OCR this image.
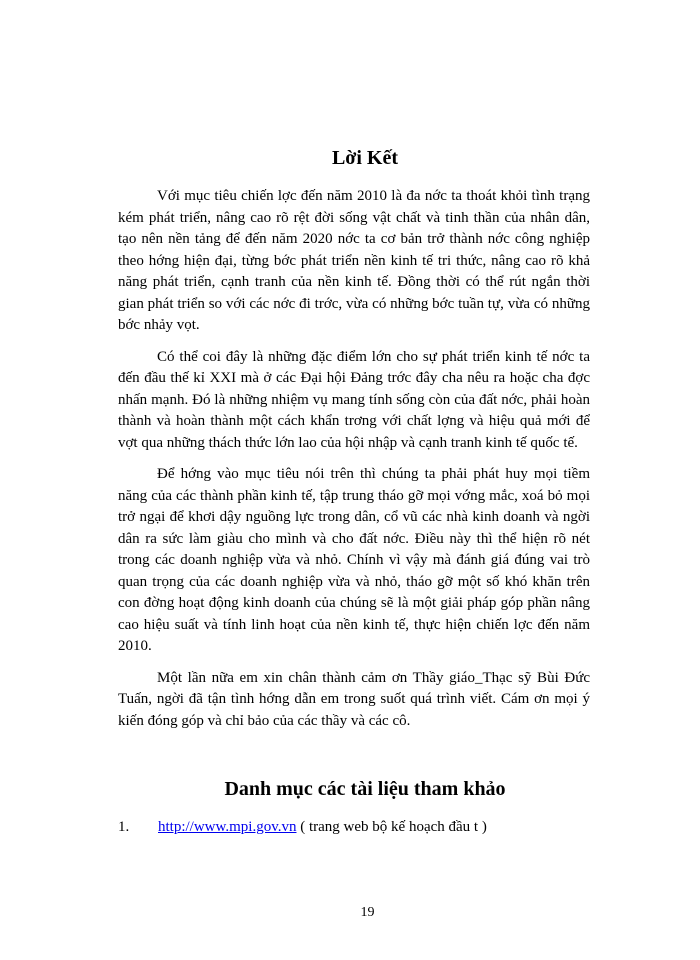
Lời Kết

Với mục tiêu chiến lợc đến năm 2010 là đa nớc ta thoát khỏi tình trạng kém phát triển, nâng cao rõ rệt đời sống vật chất và tinh thần của nhân dân, tạo nên nền tảng để đến năm 2020 nớc ta cơ bản trở thành nớc công nghiệp theo hớng hiện đại, từng bớc phát triển nền kinh tế tri thức, nâng cao rõ khả năng phát triển, cạnh tranh của nền kinh tế. Đồng thời có thể rút ngắn thời gian phát triển so với các nớc đi trớc, vừa có những bớc tuần tự, vừa có những bớc nhảy vọt.

Có thể coi đây là những đặc điểm lớn cho sự phát triển kinh tế nớc ta đến đầu thế kỉ XXI mà ở các Đại hội Đảng trớc đây cha nêu ra hoặc cha đợc nhấn mạnh. Đó là những nhiệm vụ mang tính sống còn của đất nớc, phải hoàn thành và hoàn thành một cách khẩn trơng với chất lợng và hiệu quả mới để vợt qua những thách thức lớn lao của hội nhập và cạnh tranh kinh tế quốc tế.

Để hớng vào mục tiêu nói trên thì chúng ta phải phát huy mọi tiềm năng của các thành phần kinh tế, tập trung tháo gỡ mọi vớng mắc, xoá bỏ mọi trở ngại để khơi dậy nguồng lực trong dân, cổ vũ các nhà kinh doanh và ngời dân ra sức làm giàu cho mình và cho đất nớc. Điều này thì thể hiện rõ nét trong các doanh nghiệp vừa và nhỏ. Chính vì vậy mà đánh giá đúng vai trò quan trọng của các doanh nghiệp vừa và nhỏ, tháo gỡ một số khó khăn trên con đờng hoạt động kinh doanh của chúng sẽ là một giải pháp góp phần nâng cao hiệu suất và tính linh hoạt của nền kinh tế, thực hiện chiến lợc đến năm 2010.

Một lần nữa em xin chân thành cảm ơn Thầy giáo_Thạc sỹ Bùi Đức Tuấn, ngời đã tận tình hớng dẫn em trong suốt quá trình viết. Cám ơn mọi ý kiến đóng góp và chỉ bảo của các thầy và các cô.

Danh mục các tài liệu tham khảo
1. http://www.mpi.gov.vn ( trang web bộ kế hoạch đầu t )
19
